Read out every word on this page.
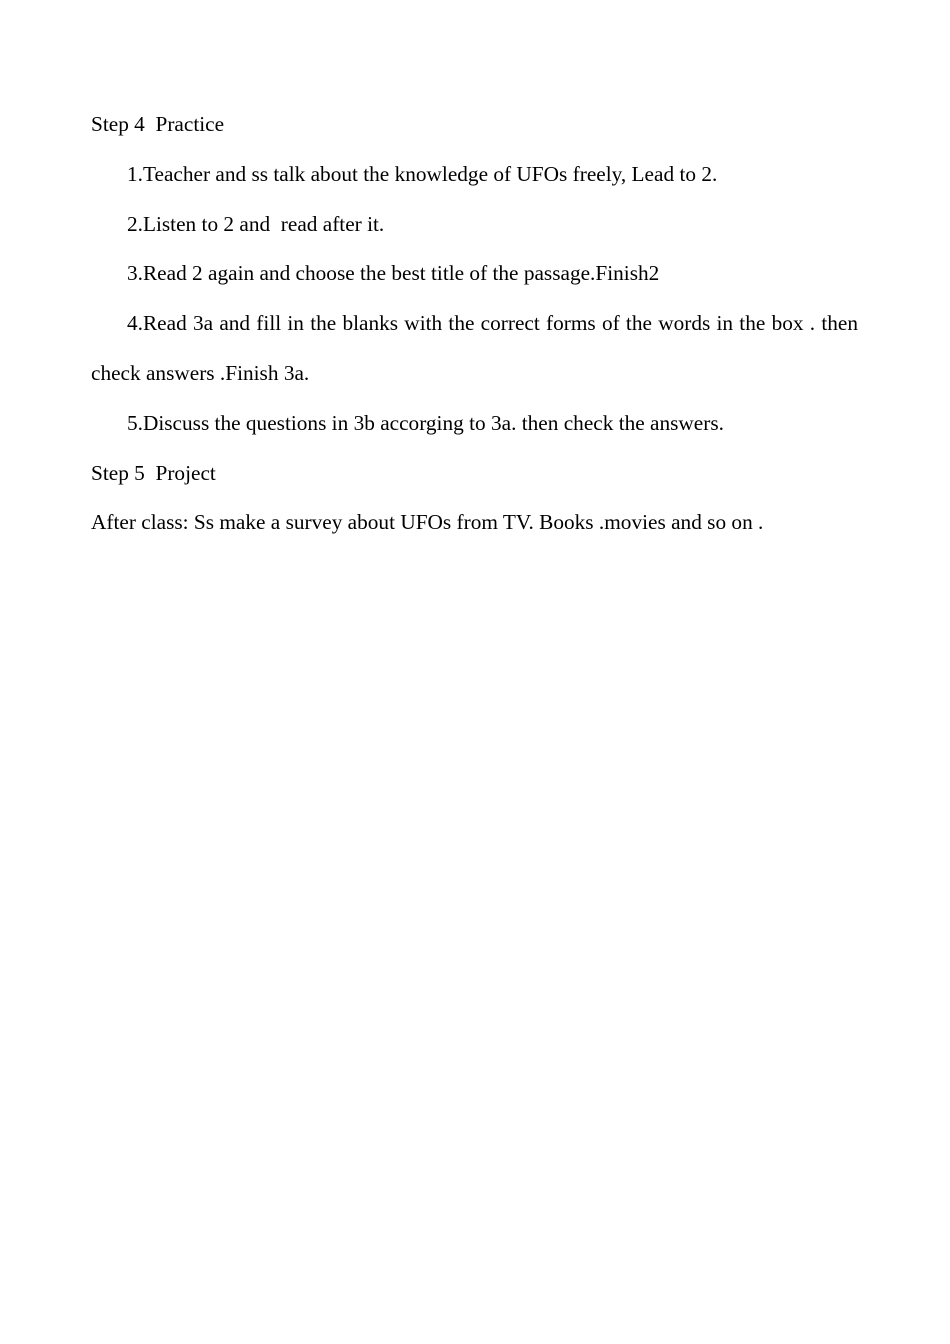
Step 4  Practice

1.Teacher and ss talk about the knowledge of UFOs freely, Lead to 2.

2.Listen to 2 and  read after it.

3.Read 2 again and choose the best title of the passage.Finish2

4.Read 3a and fill in the blanks with the correct forms of the words in the box . then check answers .Finish 3a.

5.Discuss the questions in 3b accorging to 3a. then check the answers.

Step 5  Project

After class: Ss make a survey about UFOs from TV. Books .movies and so on .
